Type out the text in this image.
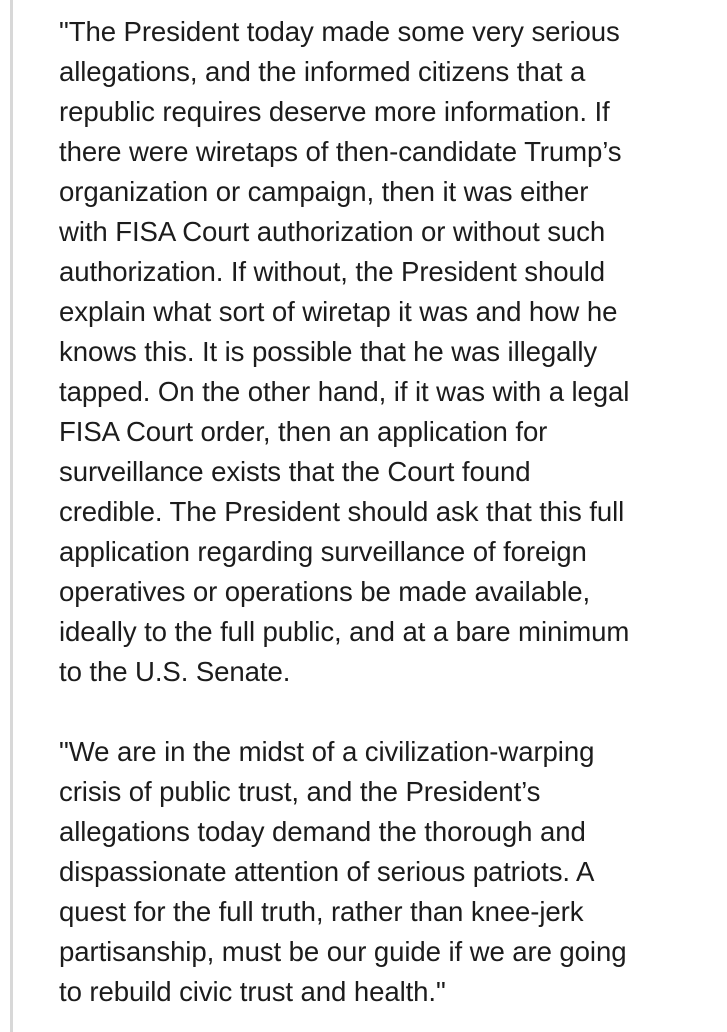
"The President today made some very serious
allegations, and the informed citizens that a
republic requires deserve more information. If
there were wiretaps of then-candidate Trump’s
organization or campaign, then it was either
with FISA Court authorization or without such
authorization. If without, the President should
explain what sort of wiretap it was and how he
knows this. It is possible that he was illegally
tapped. On the other hand, if it was with a legal
FISA Court order, then an application for
surveillance exists that the Court found
credible. The President should ask that this full
application regarding surveillance of foreign
operatives or operations be made available,
ideally to the full public, and at a bare minimum
to the U.S. Senate.
"We are in the midst of a civilization-warping
crisis of public trust, and the President’s
allegations today demand the thorough and
dispassionate attention of serious patriots. A
quest for the full truth, rather than knee-jerk
partisanship, must be our guide if we are going
to rebuild civic trust and health."
